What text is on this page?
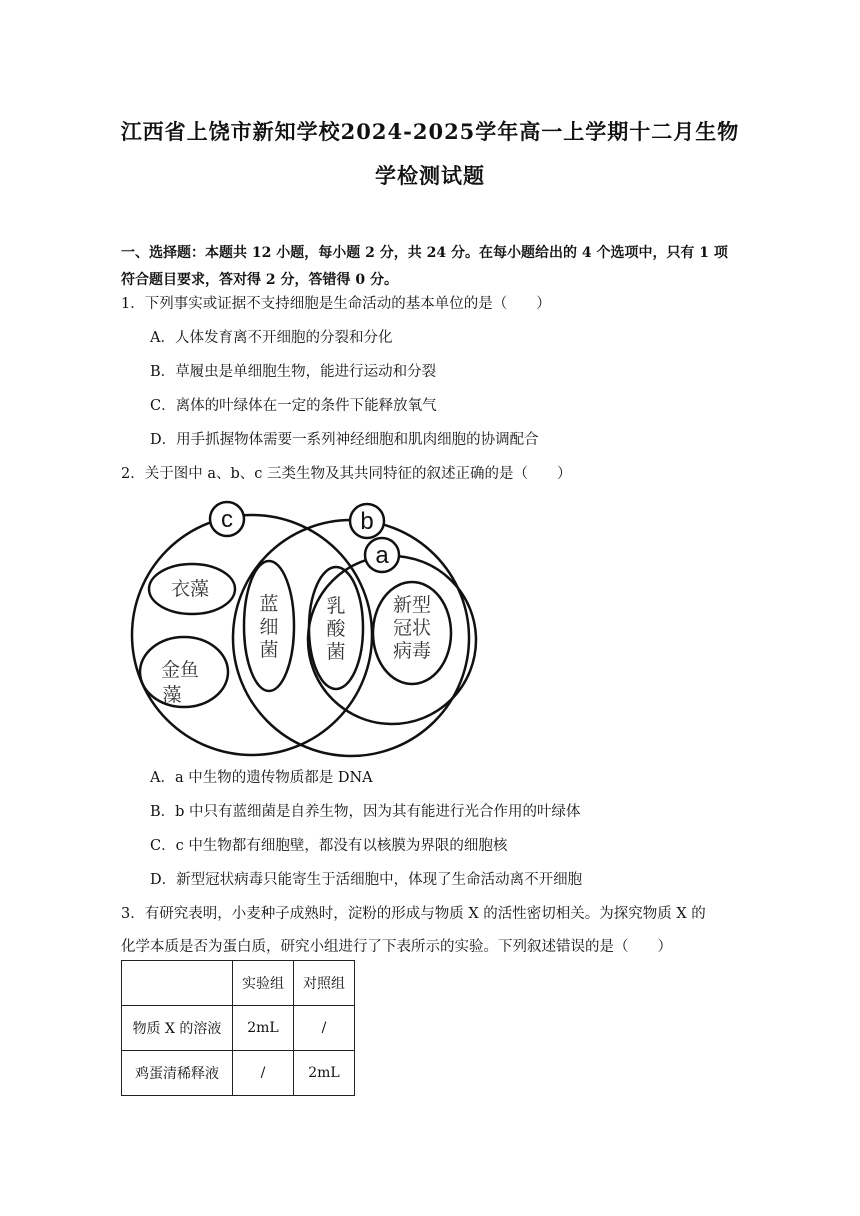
江西省上饶市新知学校2024-2025学年高一上学期十二月生物
学检测试题
一、选择题：本题共 12 小题，每小题 2 分，共 24 分。在每小题给出的 4 个选项中，只有 1 项符合题目要求，答对得 2 分，答错得 0 分。
1．下列事实或证据不支持细胞是生命活动的基本单位的是（　　）
A．人体发育离不开细胞的分裂和分化
B．草履虫是单细胞生物，能进行运动和分裂
C．离体的叶绿体在一定的条件下能释放氧气
D．用手抓握物体需要一系列神经细胞和肌肉细胞的协调配合
2．关于图中 a、b、c 三类生物及其共同特征的叙述正确的是（　　）
c	b
a
衣藻
金鱼
藻
蓝
细
菌
乳
酸
菌
新型
冠状
病毒
A．a 中生物的遗传物质都是 DNA
B．b 中只有蓝细菌是自养生物，因为其有能进行光合作用的叶绿体
C．c 中生物都有细胞壁，都没有以核膜为界限的细胞核
D．新型冠状病毒只能寄生于活细胞中，体现了生命活动离不开细胞
3．有研究表明，小麦种子成熟时，淀粉的形成与物质 X 的活性密切相关。为探究物质 X 的
化学本质是否为蛋白质，研究小组进行了下表所示的实验。下列叙述错误的是（　　）
	实验组	对照组
物质 X 的溶液	2mL	/
鸡蛋清稀释液	/	2mL
